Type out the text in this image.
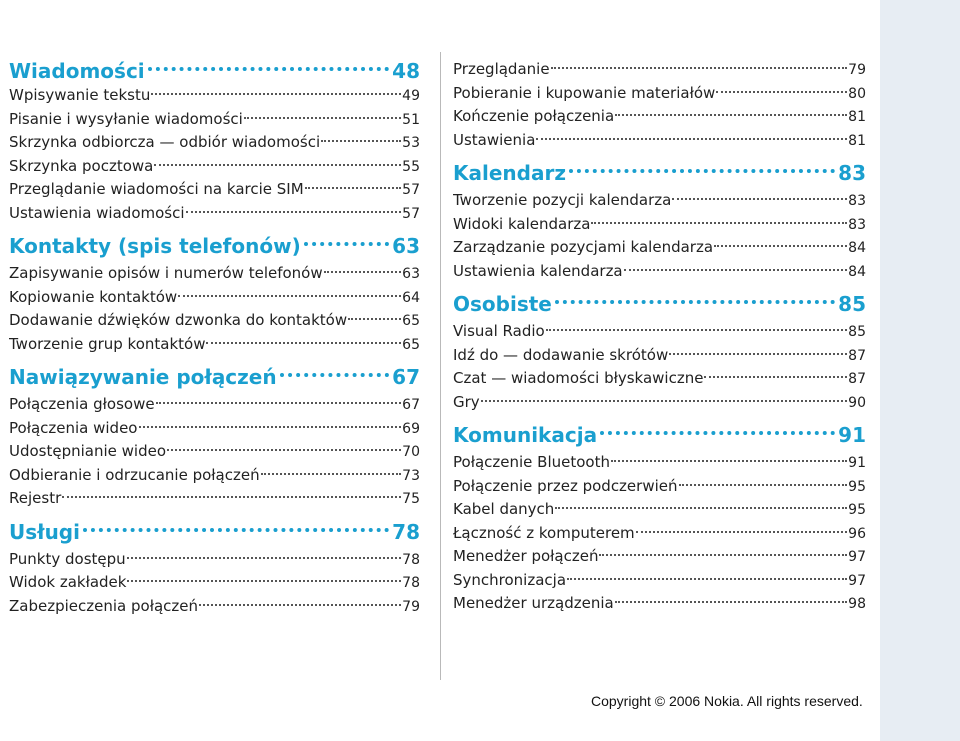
Wiadomości	48
Wpisywanie tekstu	49
Pisanie i wysyłanie wiadomości	51
Skrzynka odbiorcza — odbiór wiadomości	53
Skrzynka pocztowa	55
Przeglądanie wiadomości na karcie SIM	57
Ustawienia wiadomości	57
Kontakty (spis telefonów)	63
Zapisywanie opisów i numerów telefonów	63
Kopiowanie kontaktów	64
Dodawanie dźwięków dzwonka do kontaktów	65
Tworzenie grup kontaktów	65
Nawiązywanie połączeń	67
Połączenia głosowe	67
Połączenia wideo	69
Udostępnianie wideo	70
Odbieranie i odrzucanie połączeń	73
Rejestr	75
Usługi	78
Punkty dostępu	78
Widok zakładek	78
Zabezpieczenia połączeń	79
Przeglądanie	79
Pobieranie i kupowanie materiałów	80
Kończenie połączenia	81
Ustawienia	81
Kalendarz	83
Tworzenie pozycji kalendarza	83
Widoki kalendarza	83
Zarządzanie pozycjami kalendarza	84
Ustawienia kalendarza	84
Osobiste	85
Visual Radio	85
Idź do — dodawanie skrótów	87
Czat — wiadomości błyskawiczne	87
Gry	90
Komunikacja	91
Połączenie Bluetooth	91
Połączenie przez podczerwień	95
Kabel danych	95
Łączność z komputerem	96
Menedżer połączeń	97
Synchronizacja	97
Menedżer urządzenia	98
Copyright © 2006 Nokia. All rights reserved.
